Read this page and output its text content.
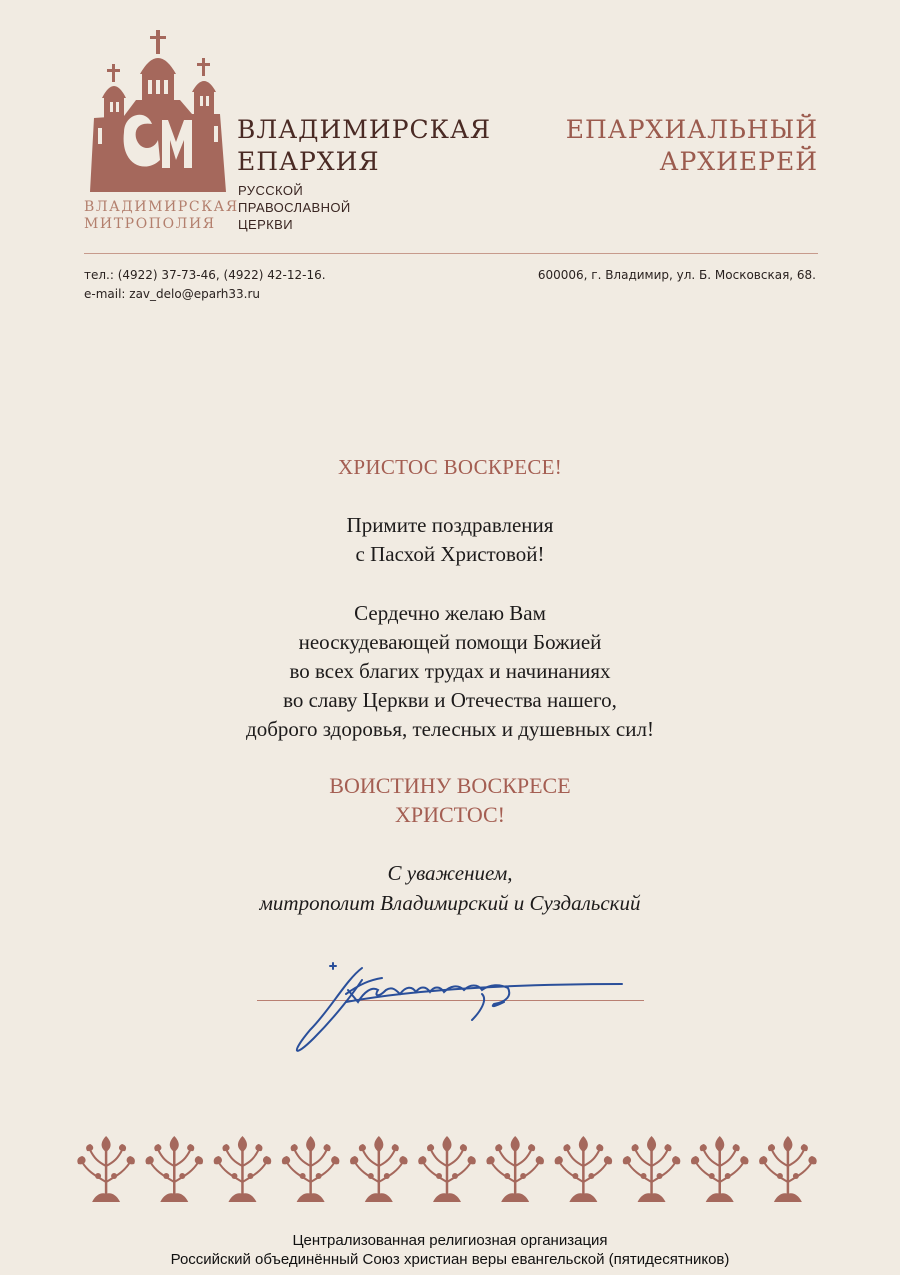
ВЛАДИМИРСКАЯ
МИТРОПОЛИЯ
ВЛАДИМИРСКАЯ
ЕПАРХИЯ
РУССКОЙ
ПРАВОСЛАВНОЙ
ЦЕРКВИ
ЕПАРХИАЛЬНЫЙ
АРХИЕРЕЙ
тел.: (4922) 37-73-46, (4922) 42-12-16.
e-mail: zav_delo@eparh33.ru
600006, г. Владимир, ул. Б. Московская, 68.
ХРИСТОС ВОСКРЕСЕ!
Примите поздравления
с Пасхой Христовой!
Сердечно желаю Вам
неоскудевающей помощи Божией
во всех благих трудах и начинаниях
во славу Церкви и Отечества нашего,
доброго здоровья, телесных и душевных сил!
ВОИСТИНУ ВОСКРЕСЕ
ХРИСТОС!
С уважением,
митрополит Владимирский и Суздальский
Централизованная религиозная организация
Российский объединённый Союз христиан веры евангельской (пятидесятников)
